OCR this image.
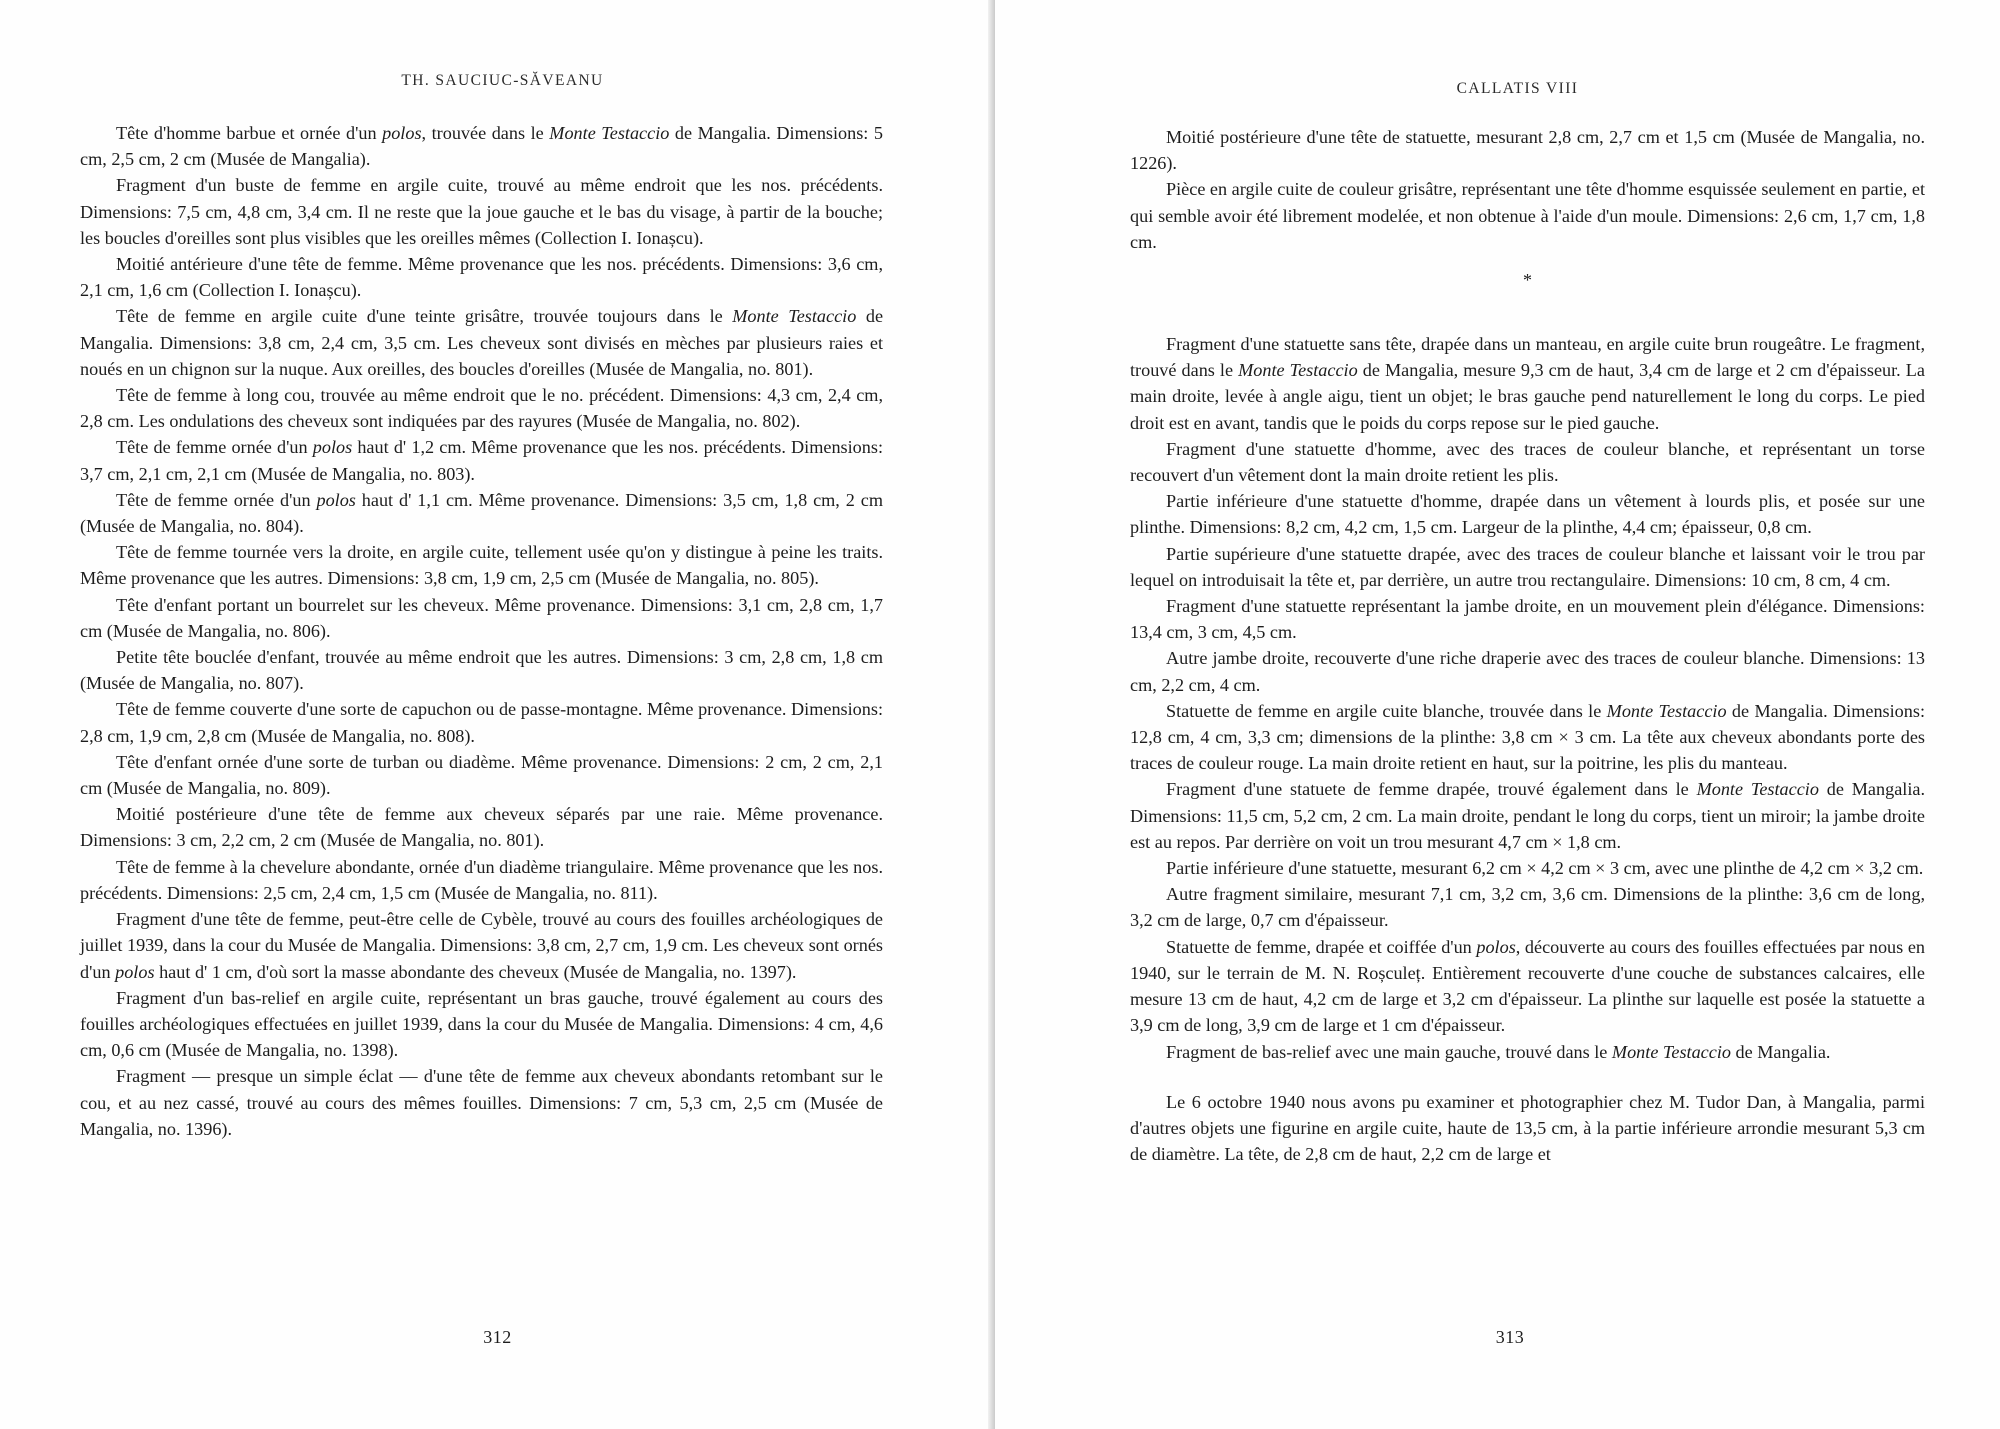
TH. SAUCIUC-SĂVEANU

Tête d'homme barbue et ornée d'un polos, trouvée dans le Monte Testaccio de Mangalia. Dimensions: 5 cm, 2,5 cm, 2 cm (Musée de Mangalia).

Fragment d'un buste de femme en argile cuite, trouvé au même endroit que les nos. précédents. Dimensions: 7,5 cm, 4,8 cm, 3,4 cm. Il ne reste que la joue gauche et le bas du visage, à partir de la bouche; les boucles d'oreilles sont plus visibles que les oreilles mêmes (Collection I. Ionașcu).

Moitié antérieure d'une tête de femme. Même provenance que les nos. précédents. Dimensions: 3,6 cm, 2,1 cm, 1,6 cm (Collection I. Ionașcu).

Tête de femme en argile cuite d'une teinte grisâtre, trouvée toujours dans le Monte Testaccio de Mangalia. Dimensions: 3,8 cm, 2,4 cm, 3,5 cm. Les cheveux sont divisés en mèches par plusieurs raies et noués en un chignon sur la nuque. Aux oreilles, des boucles d'oreilles (Musée de Mangalia, no. 801).

Tête de femme à long cou, trouvée au même endroit que le no. précédent. Dimensions: 4,3 cm, 2,4 cm, 2,8 cm. Les ondulations des cheveux sont indiquées par des rayures (Musée de Mangalia, no. 802).

Tête de femme ornée d'un polos haut d' 1,2 cm. Même provenance que les nos. précédents. Dimensions: 3,7 cm, 2,1 cm, 2,1 cm (Musée de Mangalia, no. 803).

Tête de femme ornée d'un polos haut d' 1,1 cm. Même provenance. Dimensions: 3,5 cm, 1,8 cm, 2 cm (Musée de Mangalia, no. 804).

Tête de femme tournée vers la droite, en argile cuite, tellement usée qu'on y distingue à peine les traits. Même provenance que les autres. Dimensions: 3,8 cm, 1,9 cm, 2,5 cm (Musée de Mangalia, no. 805).

Tête d'enfant portant un bourrelet sur les cheveux. Même provenance. Dimensions: 3,1 cm, 2,8 cm, 1,7 cm (Musée de Mangalia, no. 806).

Petite tête bouclée d'enfant, trouvée au même endroit que les autres. Dimensions: 3 cm, 2,8 cm, 1,8 cm (Musée de Mangalia, no. 807).

Tête de femme couverte d'une sorte de capuchon ou de passe-montagne. Même provenance. Dimensions: 2,8 cm, 1,9 cm, 2,8 cm (Musée de Mangalia, no. 808).

Tête d'enfant ornée d'une sorte de turban ou diadème. Même provenance. Dimensions: 2 cm, 2 cm, 2,1 cm (Musée de Mangalia, no. 809).

Moitié postérieure d'une tête de femme aux cheveux séparés par une raie. Même provenance. Dimensions: 3 cm, 2,2 cm, 2 cm (Musée de Mangalia, no. 801).

Tête de femme à la chevelure abondante, ornée d'un diadème triangulaire. Même provenance que les nos. précédents. Dimensions: 2,5 cm, 2,4 cm, 1,5 cm (Musée de Mangalia, no. 811).

Fragment d'une tête de femme, peut-être celle de Cybèle, trouvé au cours des fouilles archéologiques de juillet 1939, dans la cour du Musée de Mangalia. Dimensions: 3,8 cm, 2,7 cm, 1,9 cm. Les cheveux sont ornés d'un polos haut d' 1 cm, d'où sort la masse abondante des cheveux (Musée de Mangalia, no. 1397).

Fragment d'un bas-relief en argile cuite, représentant un bras gauche, trouvé également au cours des fouilles archéologiques effectuées en juillet 1939, dans la cour du Musée de Mangalia. Dimensions: 4 cm, 4,6 cm, 0,6 cm (Musée de Mangalia, no. 1398).

Fragment — presque un simple éclat — d'une tête de femme aux cheveux abondants retombant sur le cou, et au nez cassé, trouvé au cours des mêmes fouilles. Dimensions: 7 cm, 5,3 cm, 2,5 cm (Musée de Mangalia, no. 1396).

312
CALLATIS VIII

Moitié postérieure d'une tête de statuette, mesurant 2,8 cm, 2,7 cm et 1,5 cm (Musée de Mangalia, no. 1226).

Pièce en argile cuite de couleur grisâtre, représentant une tête d'homme esquissée seulement en partie, et qui semble avoir été librement modelée, et non obtenue à l'aide d'un moule. Dimensions: 2,6 cm, 1,7 cm, 1,8 cm.

*

Fragment d'une statuette sans tête, drapée dans un manteau, en argile cuite brun rougeâtre. Le fragment, trouvé dans le Monte Testaccio de Mangalia, mesure 9,3 cm de haut, 3,4 cm de large et 2 cm d'épaisseur. La main droite, levée à angle aigu, tient un objet; le bras gauche pend naturellement le long du corps. Le pied droit est en avant, tandis que le poids du corps repose sur le pied gauche.

Fragment d'une statuette d'homme, avec des traces de couleur blanche, et représentant un torse recouvert d'un vêtement dont la main droite retient les plis.

Partie inférieure d'une statuette d'homme, drapée dans un vêtement à lourds plis, et posée sur une plinthe. Dimensions: 8,2 cm, 4,2 cm, 1,5 cm. Largeur de la plinthe, 4,4 cm; épaisseur, 0,8 cm.

Partie supérieure d'une statuette drapée, avec des traces de couleur blanche et laissant voir le trou par lequel on introduisait la tête et, par derrière, un autre trou rectangulaire. Dimensions: 10 cm, 8 cm, 4 cm.

Fragment d'une statuette représentant la jambe droite, en un mouvement plein d'élégance. Dimensions: 13,4 cm, 3 cm, 4,5 cm.

Autre jambe droite, recouverte d'une riche draperie avec des traces de couleur blanche. Dimensions: 13 cm, 2,2 cm, 4 cm.

Statuette de femme en argile cuite blanche, trouvée dans le Monte Testaccio de Mangalia. Dimensions: 12,8 cm, 4 cm, 3,3 cm; dimensions de la plinthe: 3,8 cm × 3 cm. La tête aux cheveux abondants porte des traces de couleur rouge. La main droite retient en haut, sur la poitrine, les plis du manteau.

Fragment d'une statuete de femme drapée, trouvé également dans le Monte Testaccio de Mangalia. Dimensions: 11,5 cm, 5,2 cm, 2 cm. La main droite, pendant le long du corps, tient un miroir; la jambe droite est au repos. Par derrière on voit un trou mesurant 4,7 cm × 1,8 cm.

Partie inférieure d'une statuette, mesurant 6,2 cm × 4,2 cm × 3 cm, avec une plinthe de 4,2 cm × 3,2 cm.

Autre fragment similaire, mesurant 7,1 cm, 3,2 cm, 3,6 cm. Dimensions de la plinthe: 3,6 cm de long, 3,2 cm de large, 0,7 cm d'épaisseur.

Statuette de femme, drapée et coiffée d'un polos, découverte au cours des fouilles effectuées par nous en 1940, sur le terrain de M. N. Roșculeț. Entièrement recouverte d'une couche de substances calcaires, elle mesure 13 cm de haut, 4,2 cm de large et 3,2 cm d'épaisseur. La plinthe sur laquelle est posée la statuette a 3,9 cm de long, 3,9 cm de large et 1 cm d'épaisseur.

Fragment de bas-relief avec une main gauche, trouvé dans le Monte Testaccio de Mangalia.

Le 6 octobre 1940 nous avons pu examiner et photographier chez M. Tudor Dan, à Mangalia, parmi d'autres objets une figurine en argile cuite, haute de 13,5 cm, à la partie inférieure arrondie mesurant 5,3 cm de diamètre. La tête, de 2,8 cm de haut, 2,2 cm de large et

313
